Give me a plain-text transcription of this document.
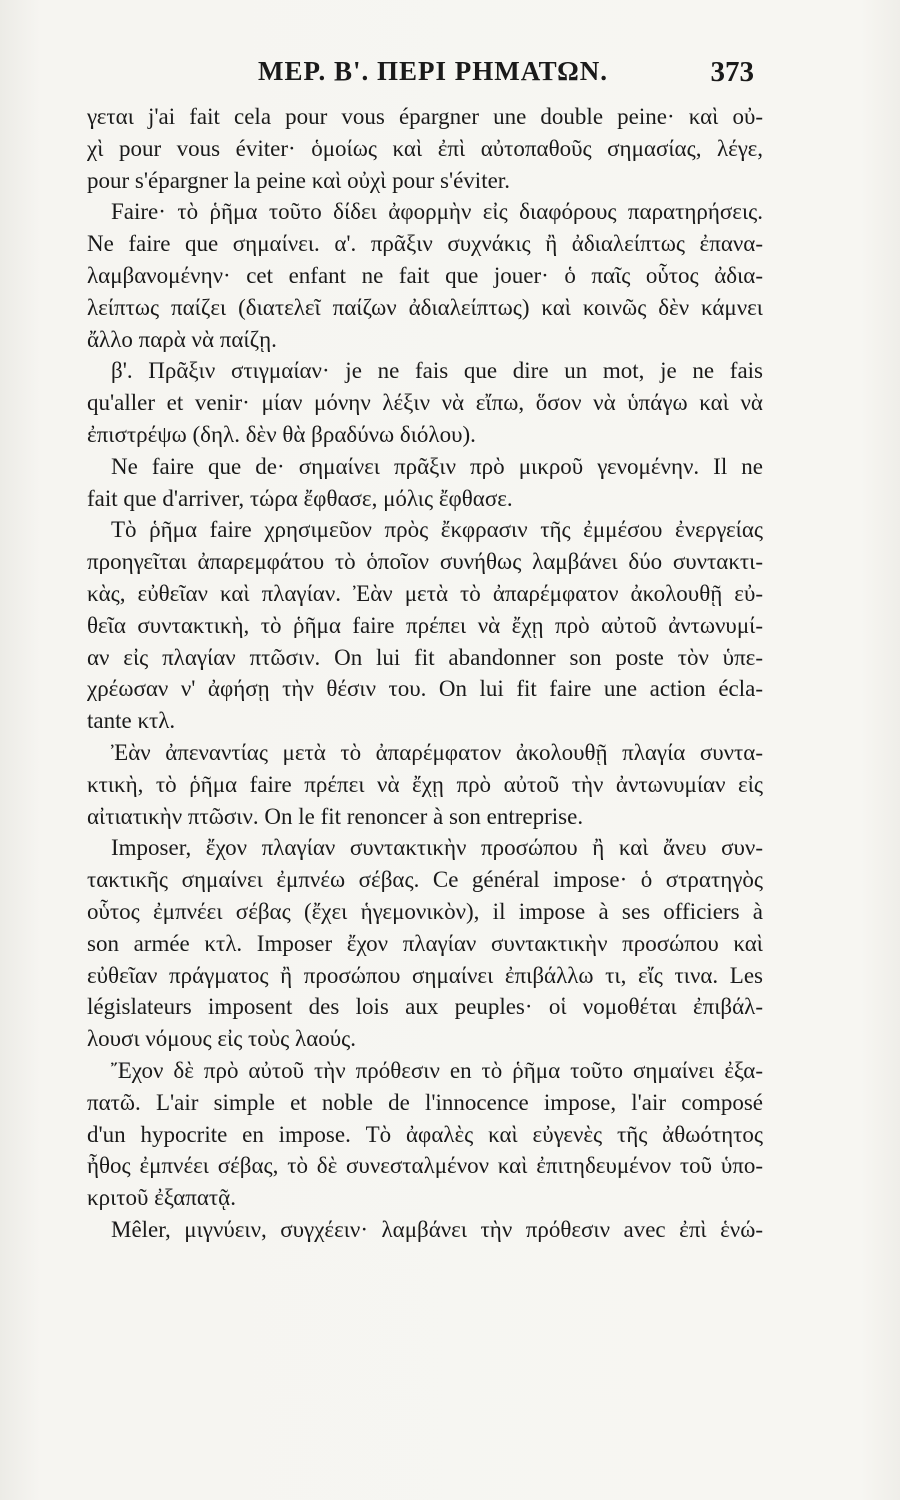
ΜΕΡ. Β'. ΠΕΡΙ ΡΗΜΑΤΩΝ.	373
γεται j'ai fait cela pour vous épargner une double peine· καὶ οὐ-
χὶ pour vous éviter· ὁμοίως καὶ ἐπὶ αὐτοπαθοῦς σημασίας, λέγε,
pour s'épargner la peine καὶ οὐχὶ pour s'éviter.
Faire· τὸ ῥῆμα τοῦτο δίδει ἀφορμὴν εἰς διαφόρους παρατηρήσεις.
Ne faire que σημαίνει. α'. πρᾶξιν συχνάκις ἢ ἀδιαλείπτως ἐπανα-
λαμβανομένην· cet enfant ne fait que jouer· ὁ παῖς οὗτος ἀδια-
λείπτως παίζει (διατελεῖ παίζων ἀδιαλείπτως) καὶ κοινῶς δὲν κάμνει
ἄλλο παρὰ νὰ παίζῃ.
β'. Πρᾶξιν στιγμαίαν· je ne fais que dire un mot, je ne fais
qu'aller et venir· μίαν μόνην λέξιν νὰ εἴπω, ὅσον νὰ ὑπάγω καὶ νὰ
ἐπιστρέψω (δηλ. δὲν θὰ βραδύνω διόλου).
Ne faire que de· σημαίνει πρᾶξιν πρὸ μικροῦ γενομένην. Il ne
fait que d'arriver, τώρα ἔφθασε, μόλις ἔφθασε.
Τὸ ῥῆμα faire χρησιμεῦον πρὸς ἔκφρασιν τῆς ἐμμέσου ἐνεργείας
προηγεῖται ἀπαρεμφάτου τὸ ὁποῖον συνήθως λαμβάνει δύο συντακτι-
κὰς, εὐθεῖαν καὶ πλαγίαν. Ἐὰν μετὰ τὸ ἀπαρέμφατον ἀκολουθῇ εὐ-
θεῖα συντακτικὴ, τὸ ῥῆμα faire πρέπει νὰ ἔχῃ πρὸ αὐτοῦ ἀντωνυμί-
αν εἰς πλαγίαν πτῶσιν. On lui fit abandonner son poste τὸν ὑπε-
χρέωσαν ν' ἀφήσῃ τὴν θέσιν του. On lui fit faire une action écla-
tante κτλ.
Ἐὰν ἀπεναντίας μετὰ τὸ ἀπαρέμφατον ἀκολουθῇ πλαγία συντα-
κτικὴ, τὸ ῥῆμα faire πρέπει νὰ ἔχῃ πρὸ αὐτοῦ τὴν ἀντωνυμίαν εἰς
αἰτιατικὴν πτῶσιν. On le fit renoncer à son entreprise.
Imposer, ἔχον πλαγίαν συντακτικὴν προσώπου ἢ καὶ ἄνευ συν-
τακτικῆς σημαίνει ἐμπνέω σέβας. Ce général impose· ὁ στρατηγὸς
οὗτος ἐμπνέει σέβας (ἔχει ἡγεμονικὸν), il impose à ses officiers à
son armée κτλ. Imposer ἔχον πλαγίαν συντακτικὴν προσώπου καὶ
εὐθεῖαν πράγματος ἢ προσώπου σημαίνει ἐπιβάλλω τι, εἴς τινα. Les
législateurs imposent des lois aux peuples· οἱ νομοθέται ἐπιβάλ-
λουσι νόμους εἰς τοὺς λαούς.
Ἔχον δὲ πρὸ αὐτοῦ τὴν πρόθεσιν en τὸ ῥῆμα τοῦτο σημαίνει ἐξα-
πατῶ. L'air simple et noble de l'innocence impose, l'air composé
d'un hypocrite en impose. Τὸ ἀφαλὲς καὶ εὐγενὲς τῆς ἀθωότητος
ἦθος ἐμπνέει σέβας, τὸ δὲ συνεσταλμένον καὶ ἐπιτηδευμένον τοῦ ὑπο-
κριτοῦ ἐξαπατᾷ.
Mêler, μιγνύειν, συγχέειν· λαμβάνει τὴν πρόθεσιν avec ἐπὶ ἑνώ-
